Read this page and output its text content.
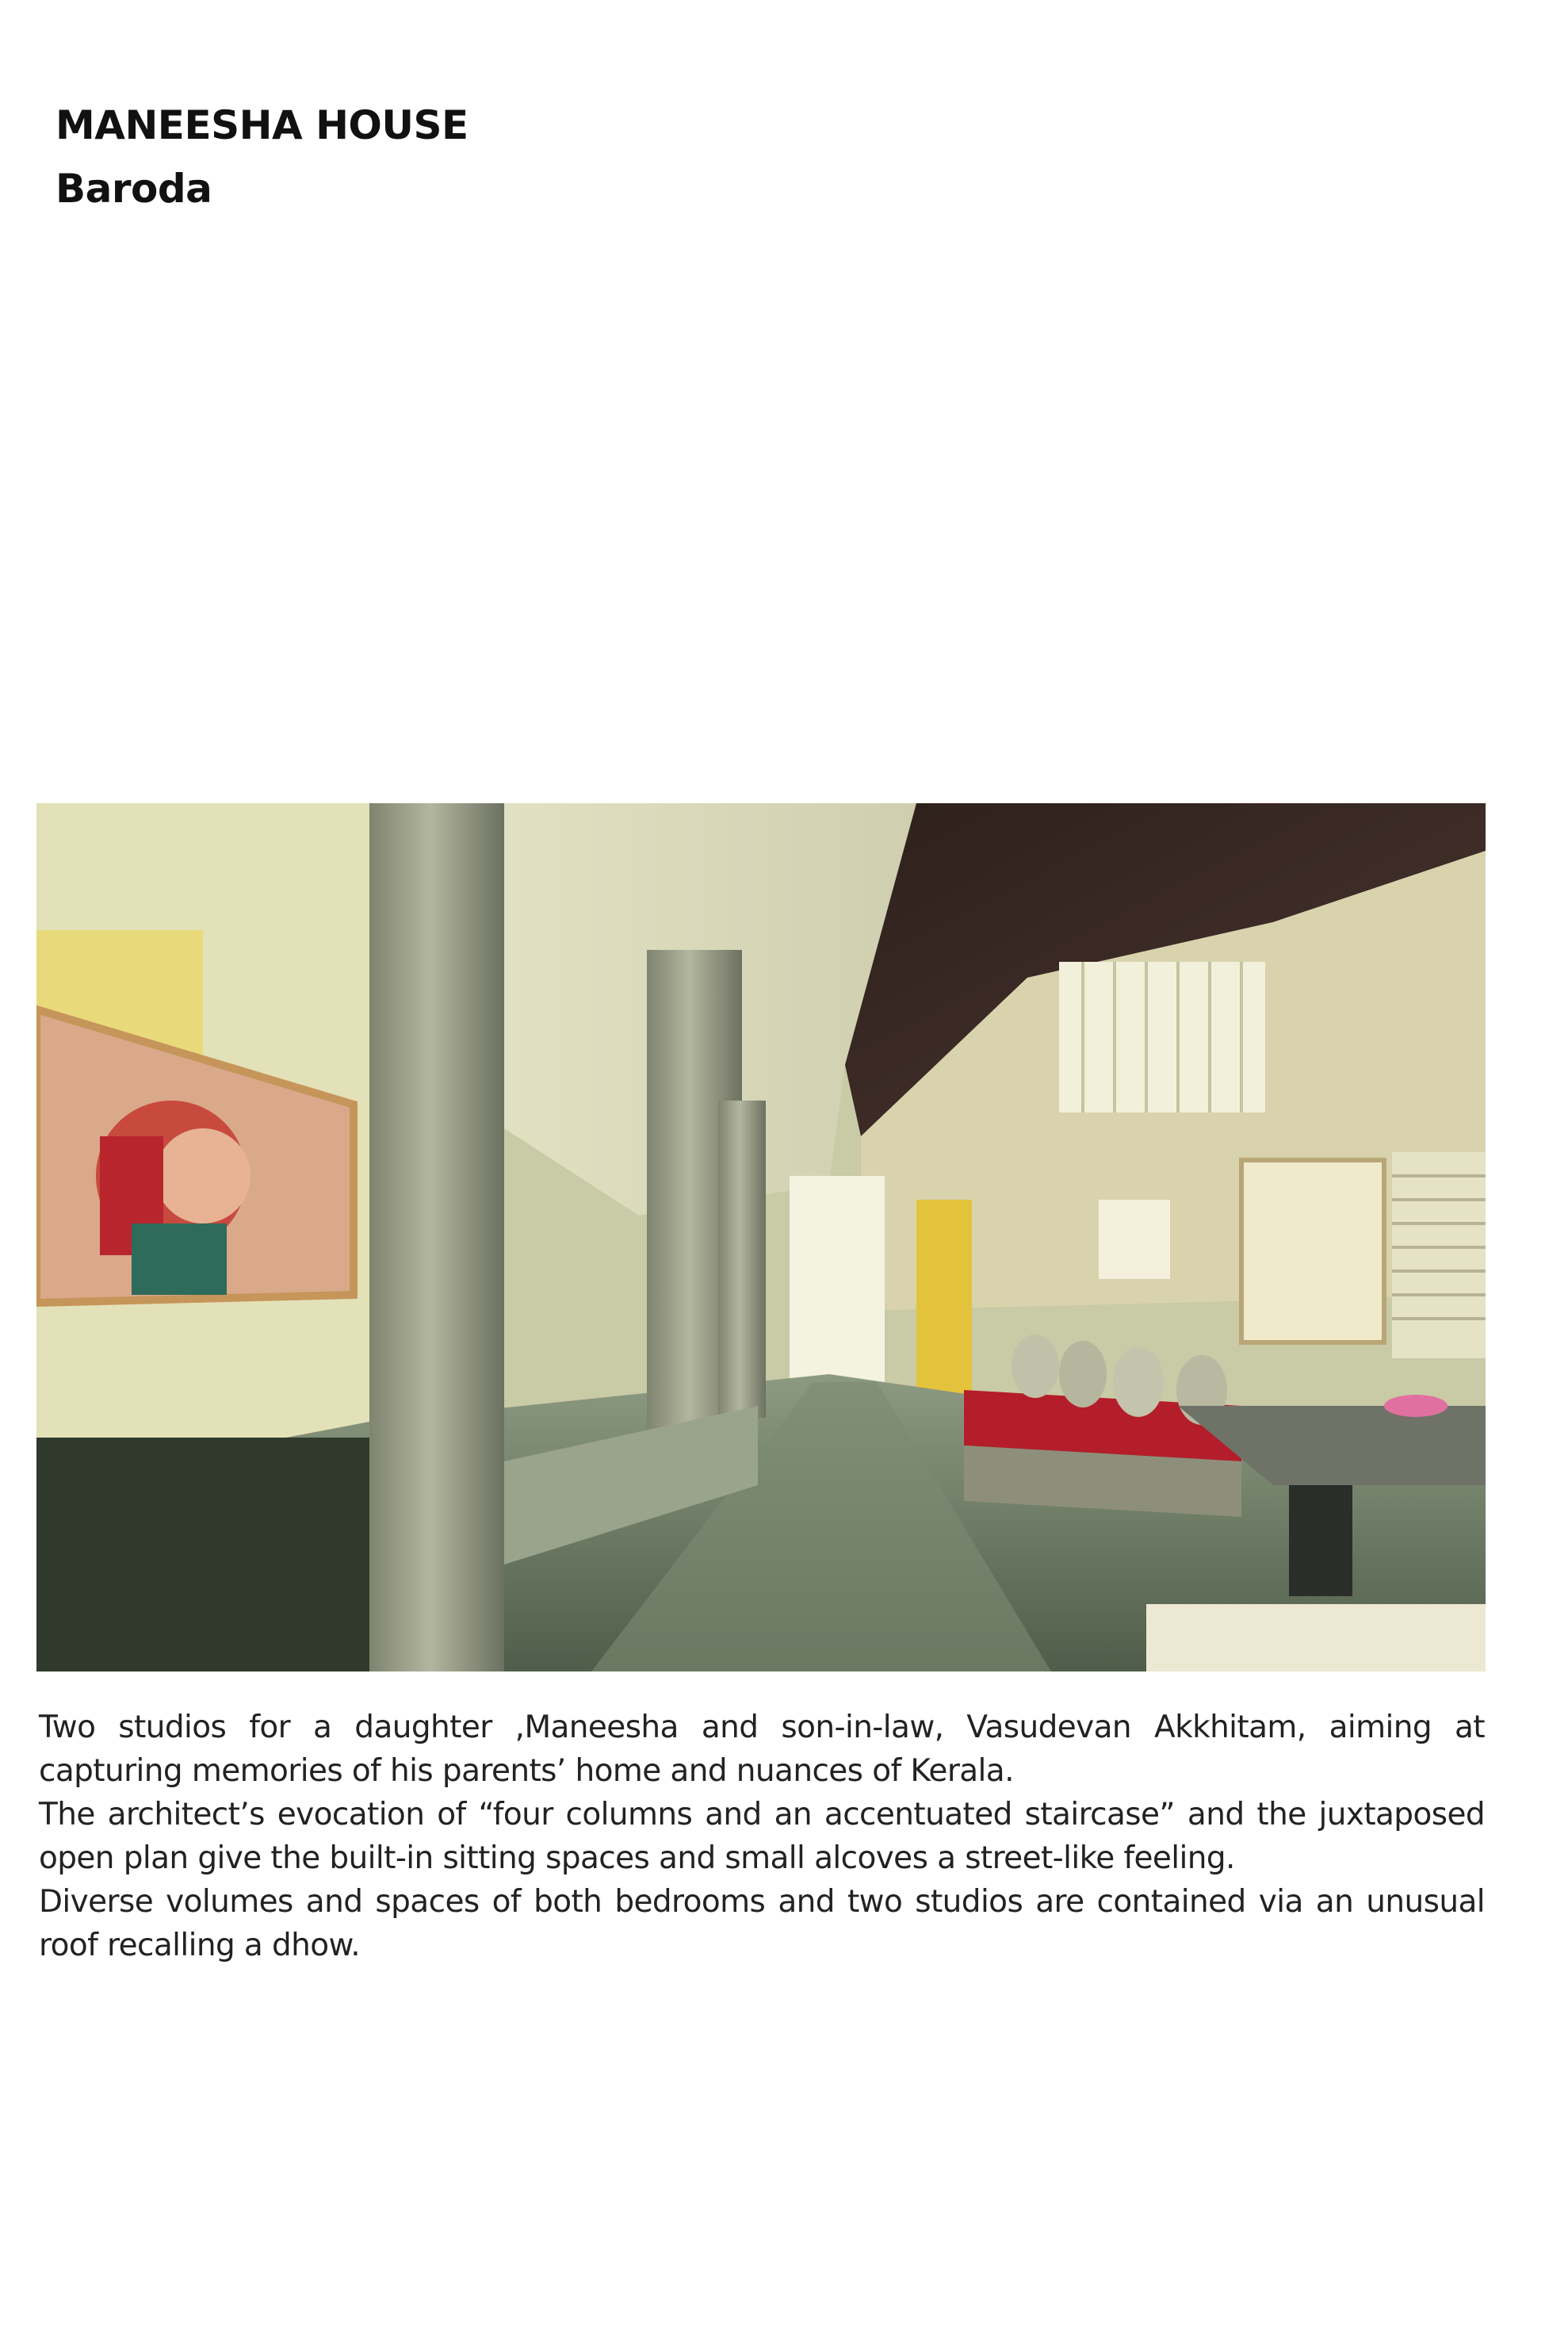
MANEESHA HOUSE
Baroda

Two studios for a daughter ,Maneesha and son-in-law, Vasudevan Akkhitam, aiming at capturing memories of his parents’ home and nuances of Kerala.

The architect’s evocation of “four columns and an accentuated staircase” and the juxtaposed open plan give the built-in sitting spaces and small alcoves a street-like feeling.

Diverse volumes and spaces of both bedrooms and two studios are contained via an unusual roof recalling a dhow.
